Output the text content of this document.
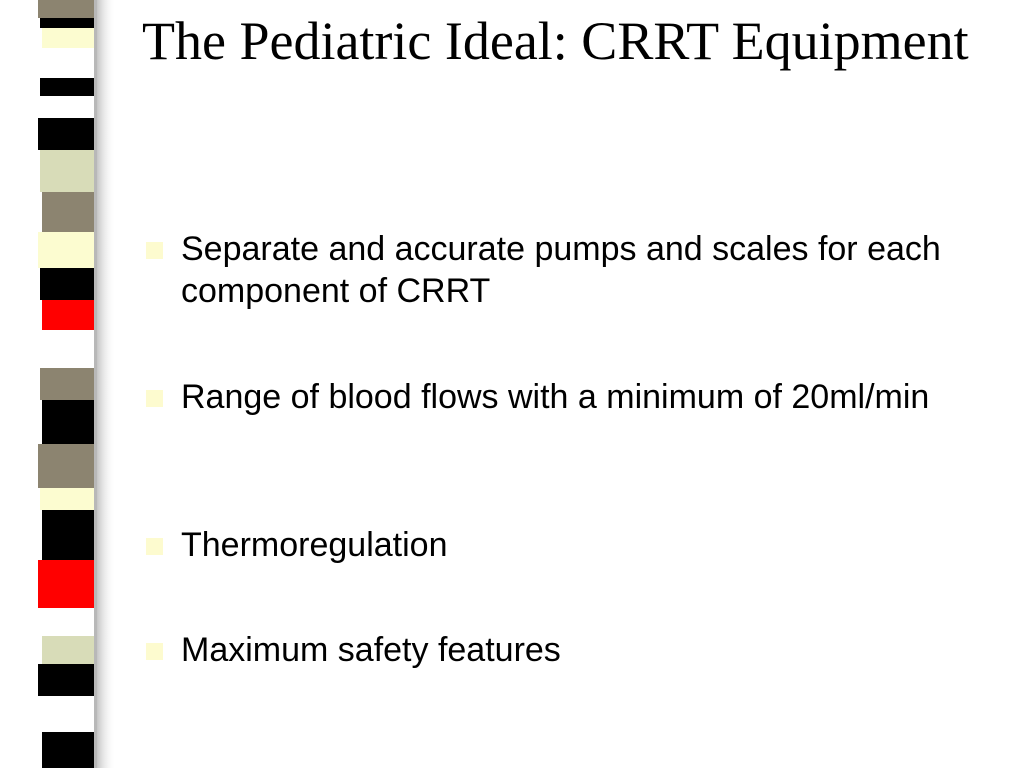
The Pediatric Ideal: CRRT Equipment
Separate and accurate pumps and scales for each component of CRRT
Range of blood flows with a minimum of 20ml/min
Thermoregulation
Maximum safety features
